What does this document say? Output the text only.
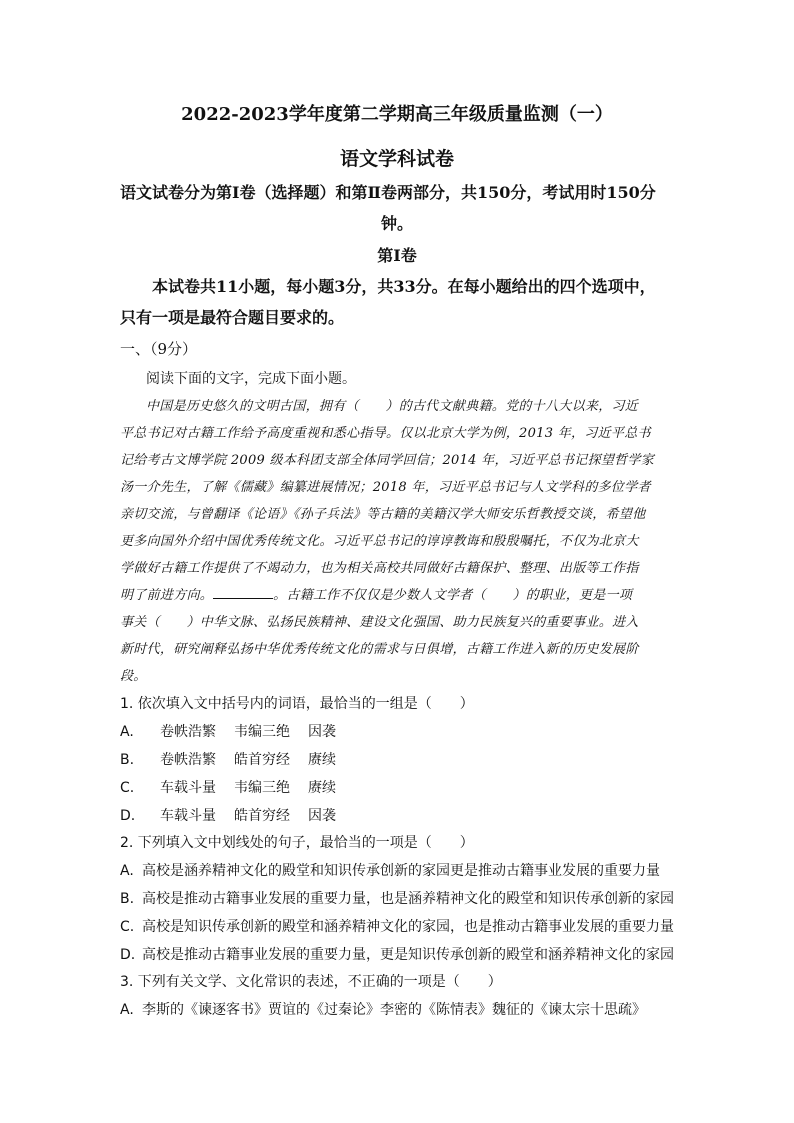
2022-2023学年度第二学期高三年级质量监测（一）
语文学科试卷
语文试卷分为第Ⅰ卷（选择题）和第Ⅱ卷两部分，共150分，考试用时150分
钟。
第Ⅰ卷
本试卷共11小题，每小题3分，共33分。在每小题给出的四个选项中，
只有一项是最符合题目要求的。
一、（9分）
阅读下面的文字，完成下面小题。
中国是历史悠久的文明古国，拥有（　　）的古代文献典籍。党的十八大以来，习近
平总书记对古籍工作给予高度重视和悉心指导。仅以北京大学为例，2013 年，习近平总书
记给考古文博学院 2009 级本科团支部全体同学回信；2014 年，习近平总书记探望哲学家
汤一介先生，了解《儒藏》编纂进展情况；2018 年，习近平总书记与人文学科的多位学者
亲切交流，与曾翻译《论语》《孙子兵法》等古籍的美籍汉学大师安乐哲教授交谈，希望他
更多向国外介绍中国优秀传统文化。习近平总书记的谆谆教诲和殷殷嘱托，不仅为北京大
学做好古籍工作提供了不竭动力，也为相关高校共同做好古籍保护、整理、出版等工作指
明了前进方向。	。古籍工作不仅仅是少数人文学者（　　）的职业，更是一项
事关（　　）中华文脉、弘扬民族精神、建设文化强国、助力民族复兴的重要事业。进入
新时代，研究阐释弘扬中华优秀传统文化的需求与日俱增，古籍工作进入新的历史发展阶
段。
1. 依次填入文中括号内的词语，最恰当的一组是（　　）
A. 卷帙浩繁 韦编三绝 因袭
B. 卷帙浩繁 皓首穷经 赓续
C. 车载斗量 韦编三绝 赓续
D. 车载斗量 皓首穷经 因袭
2. 下列填入文中划线处的句子，最恰当的一项是（　　）
A. 高校是涵养精神文化的殿堂和知识传承创新的家园更是推动古籍事业发展的重要力量
B. 高校是推动古籍事业发展的重要力量，也是涵养精神文化的殿堂和知识传承创新的家园
C. 高校是知识传承创新的殿堂和涵养精神文化的家园，也是推动古籍事业发展的重要力量
D. 高校是推动古籍事业发展的重要力量，更是知识传承创新的殿堂和涵养精神文化的家园
3. 下列有关文学、文化常识的表述，不正确的一项是（　　）
A. 李斯的《谏逐客书》贾谊的《过秦论》李密的《陈情表》魏征的《谏太宗十思疏》
